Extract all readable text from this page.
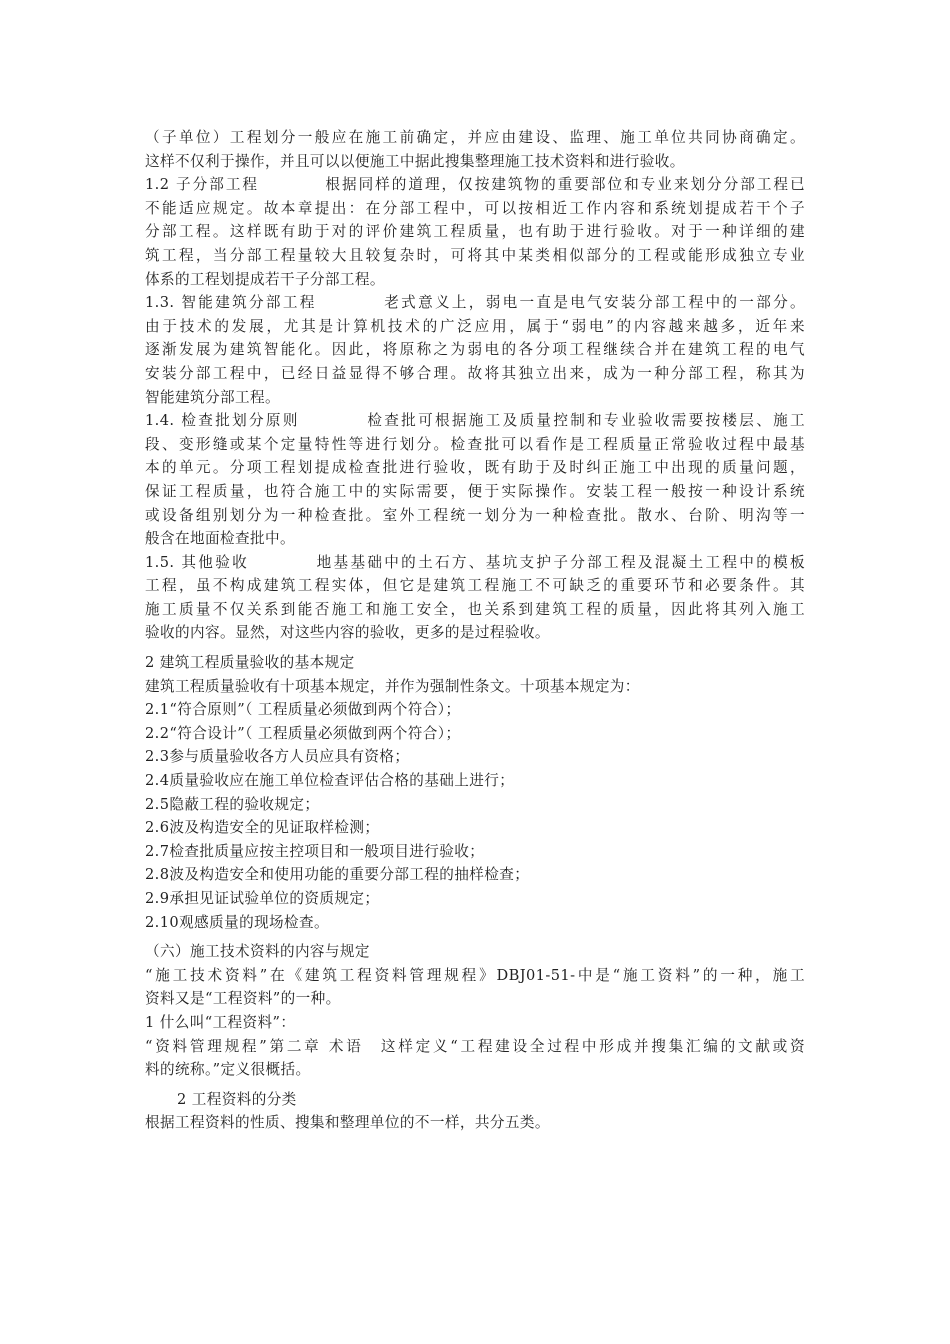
（子单位）工程划分一般应在施工前确定，并应由建设、监理、施工单位共同协商确定。
这样不仅利于操作，并且可以以便施工中据此搜集整理施工技术资料和进行验收。
1.2 子分部工程　　　　根据同样的道理，仅按建筑物的重要部位和专业来划分分部工程已
不能适应规定。故本章提出：在分部工程中，可以按相近工作内容和系统划提成若干个子
分部工程。这样既有助于对的评价建筑工程质量，也有助于进行验收。对于一种详细的建
筑工程，当分部工程量较大且较复杂时，可将其中某类相似部分的工程或能形成独立专业
体系的工程划提成若干子分部工程。
1.3. 智能建筑分部工程　　　　老式意义上，弱电一直是电气安装分部工程中的一部分。
由于技术的发展，尤其是计算机技术的广泛应用，属于“弱电”的内容越来越多，近年来
逐渐发展为建筑智能化。因此，将原称之为弱电的各分项工程继续合并在建筑工程的电气
安装分部工程中，已经日益显得不够合理。故将其独立出来，成为一种分部工程，称其为
智能建筑分部工程。
1.4. 检查批划分原则　　　　检查批可根据施工及质量控制和专业验收需要按楼层、施工
段、变形缝或某个定量特性等进行划分。检查批可以看作是工程质量正常验收过程中最基
本的单元。分项工程划提成检查批进行验收，既有助于及时纠正施工中出现的质量问题，
保证工程质量，也符合施工中的实际需要，便于实际操作。安装工程一般按一种设计系统
或设备组别划分为一种检查批。室外工程统一划分为一种检查批。散水、台阶、明沟等一
般含在地面检查批中。
1.5. 其他验收　　　　地基基础中的土石方、基坑支护子分部工程及混凝土工程中的模板
工程，虽不构成建筑工程实体，但它是建筑工程施工不可缺乏的重要环节和必要条件。其
施工质量不仅关系到能否施工和施工安全，也关系到建筑工程的质量，因此将其列入施工
验收的内容。显然，对这些内容的验收，更多的是过程验收。
2 建筑工程质量验收的基本规定
建筑工程质量验收有十项基本规定，并作为强制性条文。十项基本规定为：
2.1“符合原则”（ 工程质量必须做到两个符合）；
2.2“符合设计”（ 工程质量必须做到两个符合）；
2.3参与质量验收各方人员应具有资格；
2.4质量验收应在施工单位检查评估合格的基础上进行；
2.5隐蔽工程的验收规定；
2.6波及构造安全的见证取样检测；
2.7检查批质量应按主控项目和一般项目进行验收；
2.8波及构造安全和使用功能的重要分部工程的抽样检查；
2.9承担见证试验单位的资质规定；
2.10观感质量的现场检查。
（六）施工技术资料的内容与规定
“施工技术资料”在《建筑工程资料管理规程》DBJ01-51-中是“施工资料”的一种，施工
资料又是“工程资料”的一种。
1 什么叫“工程资料”：
“资料管理规程”第二章 术语　这样定义“工程建设全过程中形成并搜集汇编的文献或资
料的统称。”定义很概括。
2 工程资料的分类
根据工程资料的性质、搜集和整理单位的不一样，共分五类。
